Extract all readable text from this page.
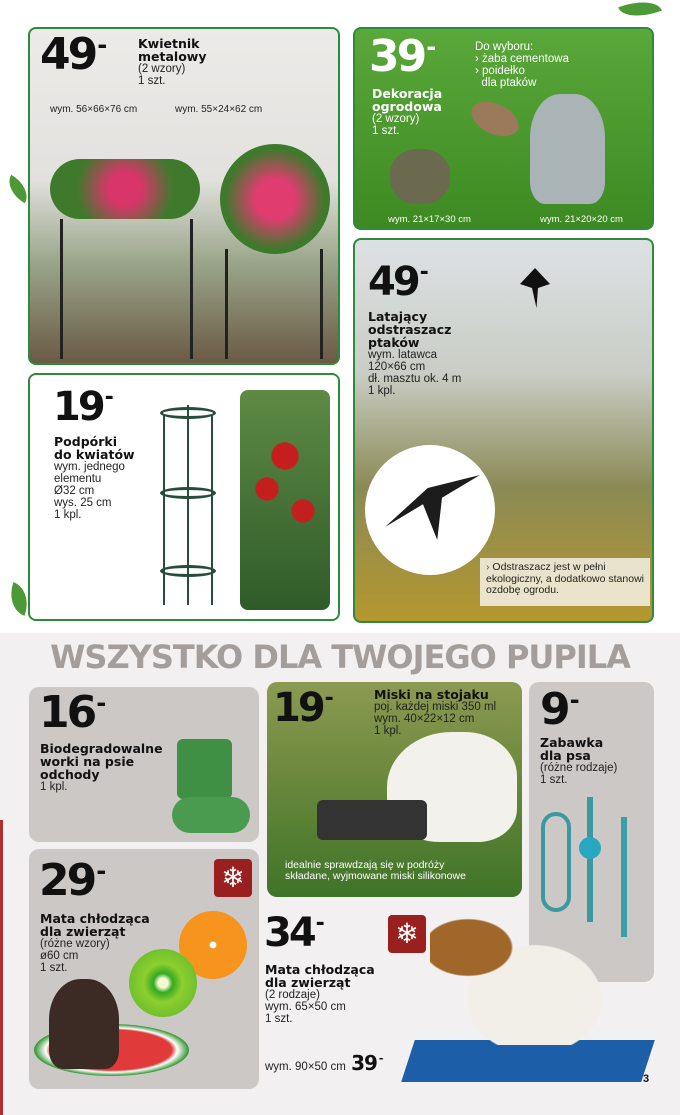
49- Kwietnik
metalowy
(2 wzory)
1 szt.
wym. 56×66×76 cm	wym. 55×24×62 cm
39-	Do wyboru:
› żaba cementowa
› poidełko
dla ptaków
Dekoracja
ogrodowa
(2 wzory)
1 szt.
wym. 21×17×30 cm	wym. 21×20×20 cm
49-
Latający
odstraszacz
ptaków
wym. latawca
120×66 cm
dł. masztu ok. 4 m
1 kpl.
› Odstraszacz jest w pełni ekologiczny, a dodatkowo stanowi ozdobę ogrodu.
19-
Podpórki
do kwiatów
wym. jednego
elementu
Ø32 cm
wys. 25 cm
1 kpl.
WSZYSTKO DLA TWOJEGO PUPILA
16-
Biodegradowalne
worki na psie
odchody
1 kpl.
19-	Miski na stojaku
poj. każdej miski 350 ml
wym. 40×22×12 cm
1 kpl.
idealnie sprawdzają się w podróży
składane, wyjmowane miski silikonowe
9-
Zabawka
dla psa
(różne rodzaje)
1 szt.
29-	❄
Mata chłodząca
dla zwierząt
(różne wzory)
ø60 cm
1 szt.
34-	❄
Mata chłodząca
dla zwierząt
(2 rodzaje)
wym. 65×50 cm
1 szt.
wym. 90×50 cm 39 -
3
